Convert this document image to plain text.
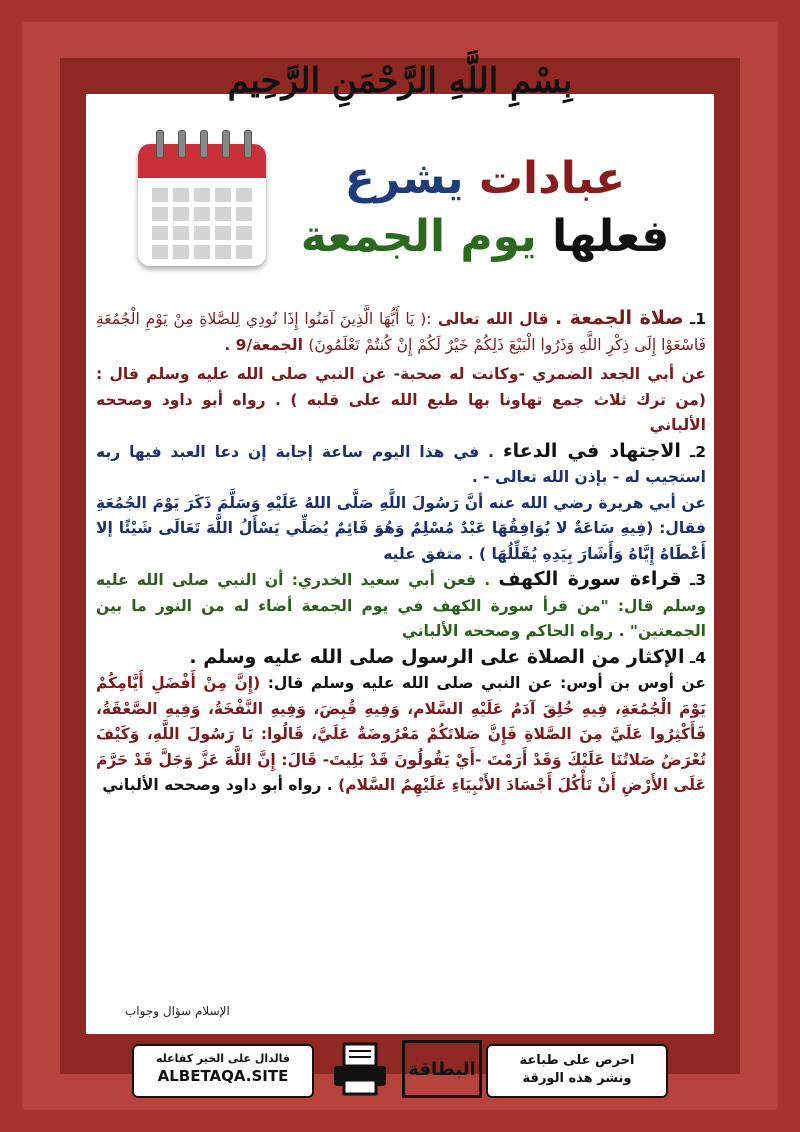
بِسْمِ اللَّهِ الرَّحْمَنِ الرَّحِيم
عبادات يشرع
فعلها يوم الجمعة

1ـ صلاة الجمعة . قال الله تعالى :( يَا أَيُّهَا الَّذِينَ آمَنُوا إِذَا نُودِي لِلصَّلاةِ مِنْ يَوْمِ الْجُمُعَةِ فَاسْعَوْا إِلَى ذِكْرِ اللَّهِ وَذَرُوا الْبَيْعَ ذَلِكُمْ خَيْرٌ لَكُمْ إِنْ كُنتُمْ تَعْلَمُونَ) الجمعة/9 .

عن أبي الجعد الضمري -وكانت له صحبة- عن النبي صلى الله عليه وسلم قال : (من ترك ثلاث جمع تهاونا بها طبع الله على قلبه ) . رواه أبو داود وصححه الألباني

2ـ الاجتهاد في الدعاء . في هذا اليوم ساعة إجابة إن دعا العبد فيها ربه استجيب له - بإذن الله تعالى - .

عن أبي هريرة رضي الله عنه أنَّ رَسُولَ اللَّهِ صَلَّى اللهُ عَلَيْهِ وَسَلَّمَ ذَكَرَ يَوْمَ الجُمُعَةِ فقال: (فِيهِ سَاعَةٌ لا يُوَافِقُهَا عَبْدٌ مُسْلِمٌ وَهُوَ قَائِمٌ يُصَلِّي يَسْأَلُ اللَّهَ تَعَالَى شَيْئًا إلا أَعْطَاهُ إِيَّاهُ وَأَشَارَ بِيَدِهِ يُقَلِّلُهَا ) . متفق عليه

3ـ قراءة سورة الكهف . فعن أبي سعيد الخدري: أن النبي صلى الله عليه وسلم قال: "من قرأ سورة الكهف في يوم الجمعة أضاء له من النور ما بين الجمعتين" . رواه الحاكم وصححه الألباني

4ـ الإكثار من الصلاة على الرسول صلى الله عليه وسلم .

عن أوس بن أوس: عن النبي صلى الله عليه وسلم قال: (إِنَّ مِنْ أَفْضَلِ أَيَّامِكُمْ يَوْمَ الْجُمُعَةِ، فِيهِ خُلِقَ آدَمُ عَلَيْهِ السَّلام، وَفِيهِ قُبِضَ، وَفِيهِ النَّفْخَةُ، وَفِيهِ الصَّعْقَةُ، فَأَكْثِرُوا عَلَيَّ مِنَ الصَّلاةِ فَإِنَّ صَلاتَكُمْ مَعْرُوضَةٌ عَلَيَّ، قَالُوا: يَا رَسُولَ اللَّهِ، وَكَيْفَ تُعْرَضُ صَلاتُنَا عَلَيْكَ وَقَدْ أَرَمْتَ -أَيْ يَقُولُونَ قَدْ بَلِيتَ- قَالَ: إِنَّ اللَّهَ عَزَّ وَجَلَّ قَدْ حَرَّمَ عَلَى الأَرْضِ أَنْ تَأْكُلَ أَجْسَادَ الأَنْبِيَاءِ عَلَيْهِمُ السَّلام) . رواه أبو داود وصححه الألباني

الإسلام سؤال وجواب
فالدال على الخير كفاعله
ALBETAQA.SITE	البطاقة	احرص على طباعة
ونشر هذه الورقة
